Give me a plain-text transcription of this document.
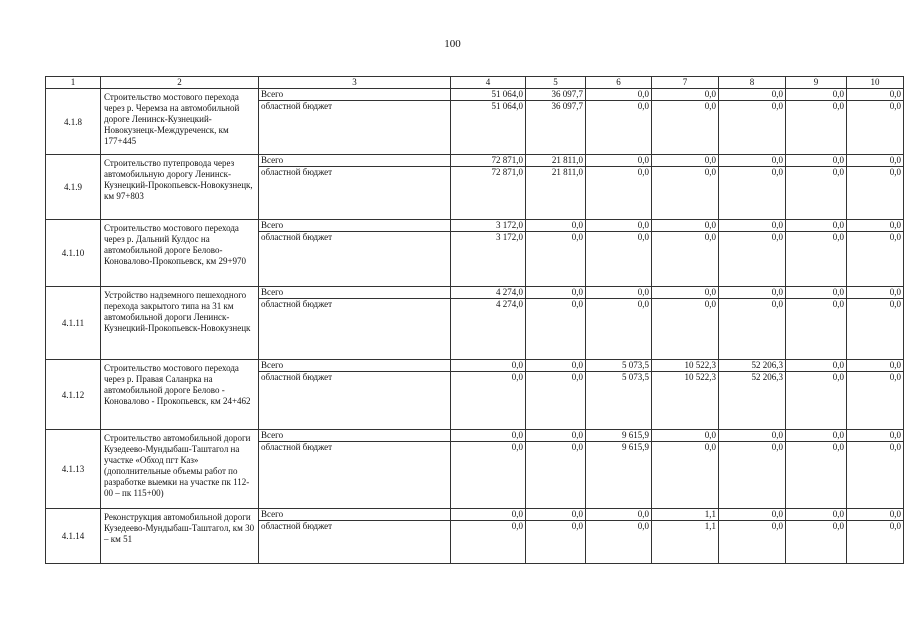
100
1	2	3	4	5	6	7	8	9	10
4.1.8	Строительство мостового перехода через р. Черемза на автомобильной дороге Ленинск-Кузнецкий-Новокузнецк-Междуреченск, км 177+445	Всего	51 064,0	36 097,7	0,0	0,0	0,0	0,0	0,0
		областной бюджет	51 064,0	36 097,7	0,0	0,0	0,0	0,0	0,0
4.1.9	Строительство путепровода через автомобильную дорогу Ленинск-Кузнецкий-Прокопьевск-Новокузнецк, км 97+803	Всего	72 871,0	21 811,0	0,0	0,0	0,0	0,0	0,0
		областной бюджет	72 871,0	21 811,0	0,0	0,0	0,0	0,0	0,0
4.1.10	Строительство мостового перехода через р. Дальний Кулдос на автомобильной дороге Белово-Коновалово-Прокопьевск, км 29+970	Всего	3 172,0	0,0	0,0	0,0	0,0	0,0	0,0
		областной бюджет	3 172,0	0,0	0,0	0,0	0,0	0,0	0,0
4.1.11	Устройство надземного пешеходного перехода закрытого типа на 31 км автомобильной дороги Ленинск-Кузнецкий-Прокопьевск-Новокузнецк	Всего	4 274,0	0,0	0,0	0,0	0,0	0,0	0,0
		областной бюджет	4 274,0	0,0	0,0	0,0	0,0	0,0	0,0
4.1.12	Строительство мостового перехода через р. Правая Саланрка на автомобильной дороге Белово - Коновалово - Прокопьевск, км 24+462	Всего	0,0	0,0	5 073,5	10 522,3	52 206,3	0,0	0,0
		областной бюджет	0,0	0,0	5 073,5	10 522,3	52 206,3	0,0	0,0
4.1.13	Строительство автомобильной дороги Кузедеево-Мундыбаш-Таштагол на участке «Обход пгт Каз» (дополнительные объемы работ по разработке выемки на участке пк 112-00 – пк 115+00)	Всего	0,0	0,0	9 615,9	0,0	0,0	0,0	0,0
		областной бюджет	0,0	0,0	9 615,9	0,0	0,0	0,0	0,0
4.1.14	Реконструкция автомобильной дороги Кузедеево-Мундыбаш-Таштагол, км 30 – км 51	Всего	0,0	0,0	0,0	1,1	0,0	0,0	0,0
		областной бюджет	0,0	0,0	0,0	1,1	0,0	0,0	0,0
